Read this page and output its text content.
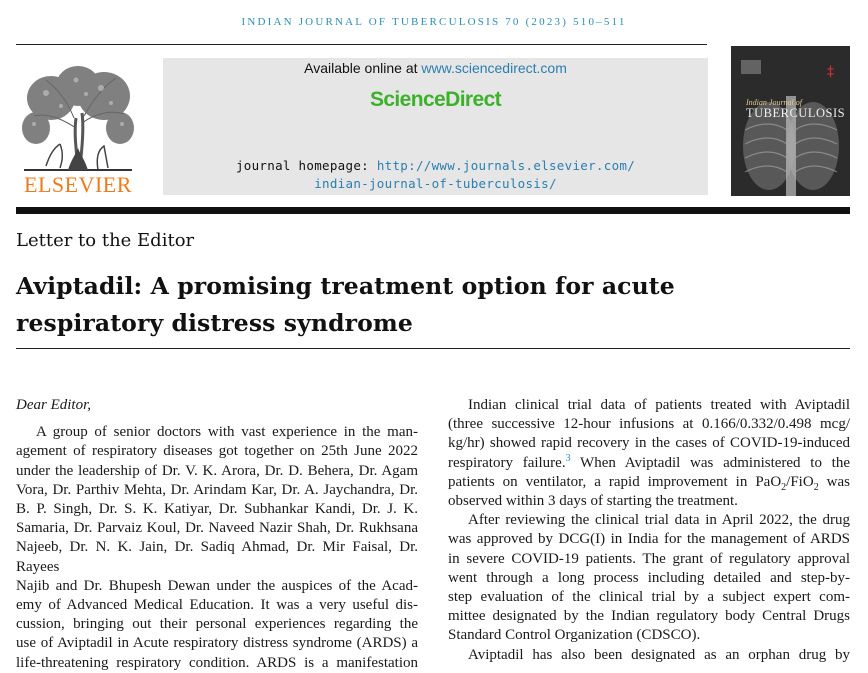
INDIAN JOURNAL OF TUBERCULOSIS 70 (2023) 510–511
ELSEVIER
Available online at www.sciencedirect.com
ScienceDirect
journal homepage: http://www.journals.elsevier.com/
indian-journal-of-tuberculosis/
‡
Indian Journal of
TUBERCULOSIS
Letter to the Editor
Aviptadil: A promising treatment option for acute
respiratory distress syndrome

Dear Editor,

A group of senior doctors with vast experience in the man-

agement of respiratory diseases got together on 25th June 2022

under the leadership of Dr. V. K. Arora, Dr. D. Behera, Dr. Agam

Vora, Dr. Parthiv Mehta, Dr. Arindam Kar, Dr. A. Jaychandra, Dr.

B. P. Singh, Dr. S. K. Katiyar, Dr. Subhankar Kandi, Dr. J. K.

Samaria, Dr. Parvaiz Koul, Dr. Naveed Nazir Shah, Dr. Rukhsana

Najeeb, Dr. N. K. Jain, Dr. Sadiq Ahmad, Dr. Mir Faisal, Dr. Rayees

Najib and Dr. Bhupesh Dewan under the auspices of the Acad-

emy of Advanced Medical Education. It was a very useful dis-

cussion, bringing out their personal experiences regarding the

use of Aviptadil in Acute respiratory distress syndrome (ARDS) a

life-threatening respiratory condition. ARDS is a manifestation

Indian clinical trial data of patients treated with Aviptadil

(three successive 12-hour infusions at 0.166/0.332/0.498 mcg/

kg/hr) showed rapid recovery in the cases of COVID-19-induced

respiratory failure.$^3$ When Aviptadil was administered to the

patients on ventilator, a rapid improvement in PaO$_2$/FiO$_2$ was

observed within 3 days of starting the treatment.

After reviewing the clinical trial data in April 2022, the drug

was approved by DCG(I) in India for the management of ARDS

in severe COVID-19 patients. The grant of regulatory approval

went through a long process including detailed and step-by-

step evaluation of the clinical trial by a subject expert com-

mittee designated by the Indian regulatory body Central Drugs

Standard Control Organization (CDSCO).

Aviptadil has also been designated as an orphan drug by
